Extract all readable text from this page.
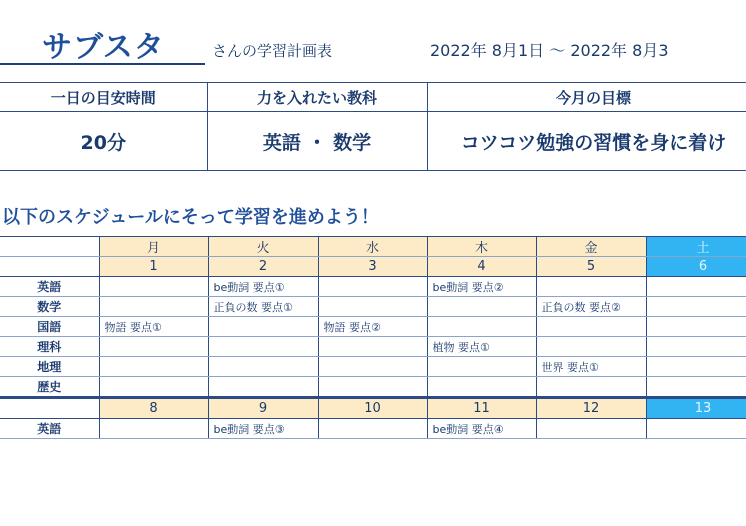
サブスタ	さんの学習計画表	2022年 8月1日 ～ 2022年 8月3
一日の目安時間	力を入れたい教科	今月の目標
20分	英語 ・ 数学	コツコツ勉強の習慣を身に着け
以下のスケジュールにそって学習を進めよう！
	月	火	水	木	金	土
	1	2	3	4	5	6
英語		be動詞 要点①		be動詞 要点②		
数学		正負の数 要点①			正負の数 要点②	
国語	物語 要点①		物語 要点②			
理科				植物 要点①		
地理					世界 要点①	
歴史						
	8	9	10	11	12	13
英語		be動詞 要点③		be動詞 要点④		
